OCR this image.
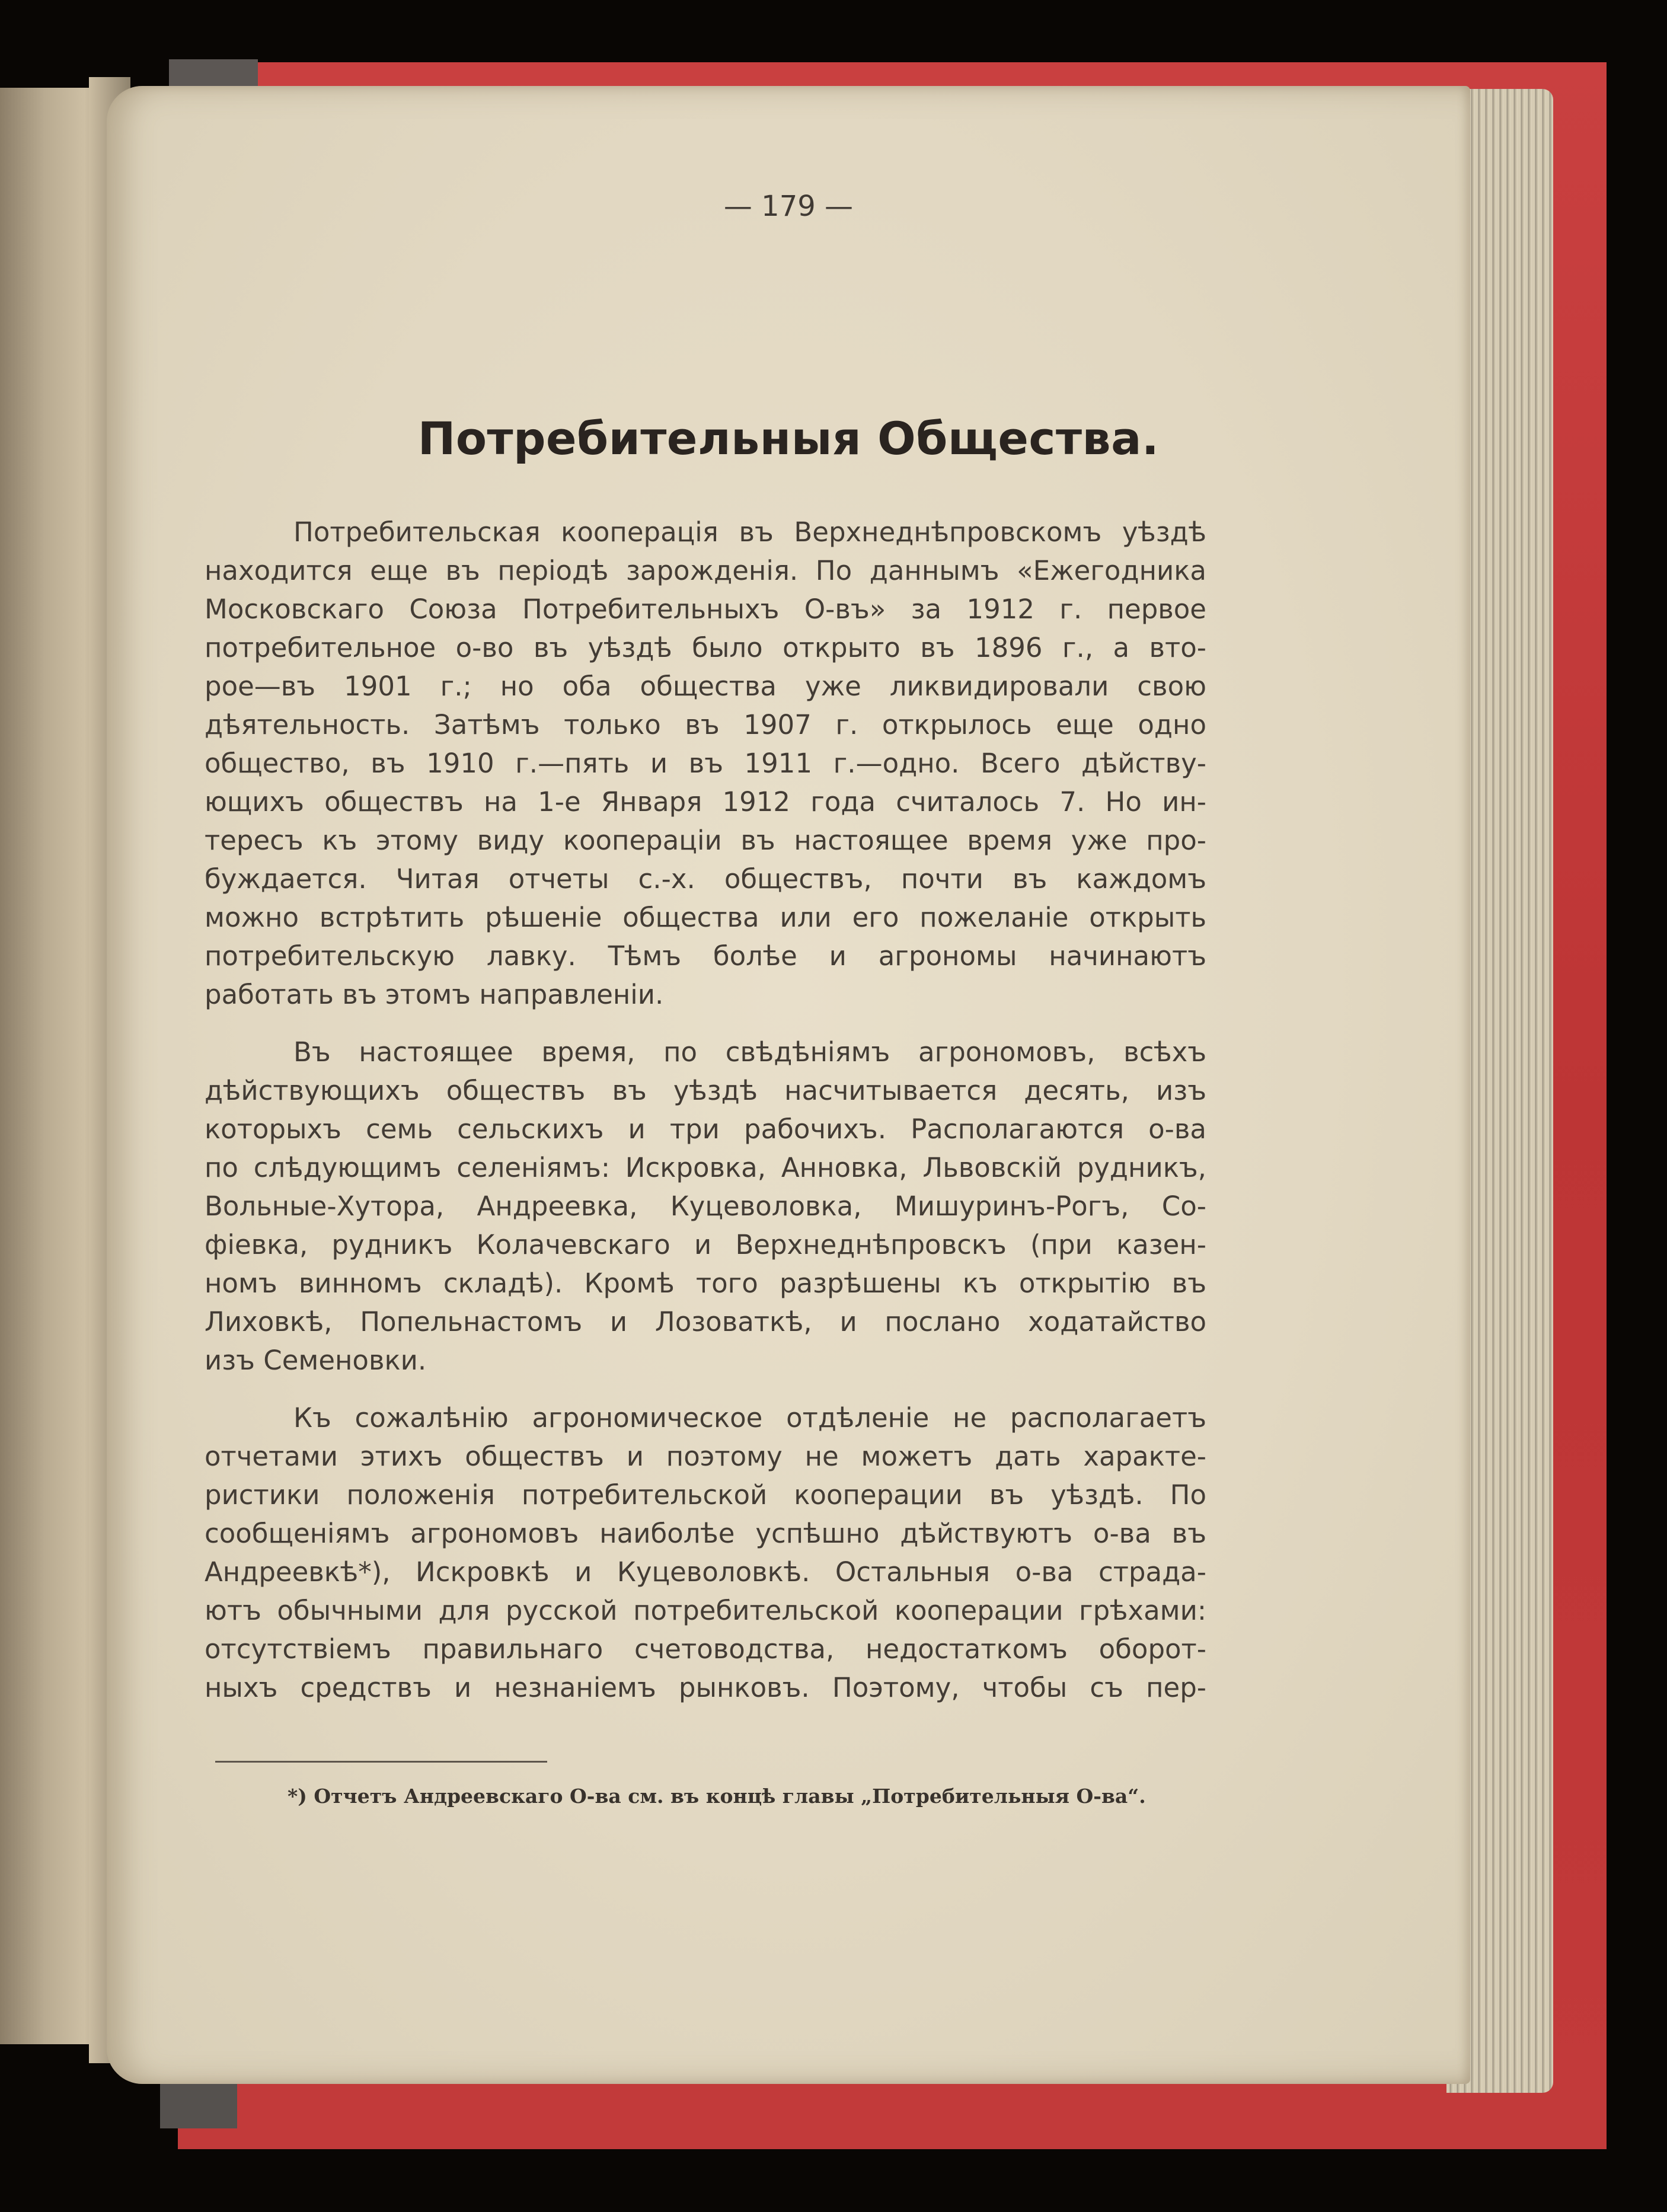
— 179 —
Потребительныя Общества.
Потребительская кооперація въ Верхнеднѣпровскомъ уѣздѣ
находится еще въ періодѣ зарожденія. По даннымъ «Ежегодника
Московскаго Союза Потребительныхъ О-въ» за 1912 г. первое
потребительное о-во въ уѣздѣ было открыто въ 1896 г., а вто-
рое—въ 1901 г.; но оба общества уже ликвидировали свою
дѣятельность. Затѣмъ только въ 1907 г. открылось еще одно
общество, въ 1910 г.—пять и въ 1911 г.—одно. Всего дѣйству-
ющихъ обществъ на 1-е Января 1912 года считалось 7. Но ин-
тересъ къ этому виду кооперацiи въ настоящее время уже про-
буждается. Читая отчеты с.-х. обществъ, почти въ каждомъ
можно встрѣтить рѣшеніе общества или его пожеланіе открыть
потребительскую лавку. Тѣмъ болѣе и агрономы начинаютъ
работать въ этомъ направленіи.
Въ настоящее время, по свѣдѣніямъ агрономовъ, всѣхъ
дѣйствующихъ обществъ въ уѣздѣ насчитывается десять, изъ
которыхъ семь сельскихъ и три рабочихъ. Располагаются о-ва
по слѣдующимъ селеніямъ: Искровка, Анновка, Львовскій рудникъ,
Вольные-Хутора, Андреевка, Куцеволовка, Мишуринъ-Рогъ, Со-
фіевка, рудникъ Колачевскаго и Верхнеднѣпровскъ (при казен-
номъ винномъ складѣ). Кромѣ того разрѣшены къ открытію въ
Лиховкѣ, Попельнастомъ и Лозоваткѣ, и послано ходатайство
изъ Семеновки.
Къ сожалѣнію агрономическое отдѣленіе не располагаетъ
отчетами этихъ обществъ и поэтому не можетъ дать характе-
ристики положенія потребительской кооперации въ уѣздѣ. По
сообщеніямъ агрономовъ наиболѣе успѣшно дѣйствуютъ о-ва въ
Андреевкѣ*), Искровкѣ и Куцеволовкѣ. Остальныя о-ва страда-
ютъ обычными для русской потребительской кооперации грѣхами:
отсутствіемъ правильнаго счетоводства, недостаткомъ оборот-
ныхъ средствъ и незнаніемъ рынковъ. Поэтому, чтобы съ пер-
*) Отчетъ Андреевскаго О-ва см. въ концѣ главы „Потребительныя О-ва“.
